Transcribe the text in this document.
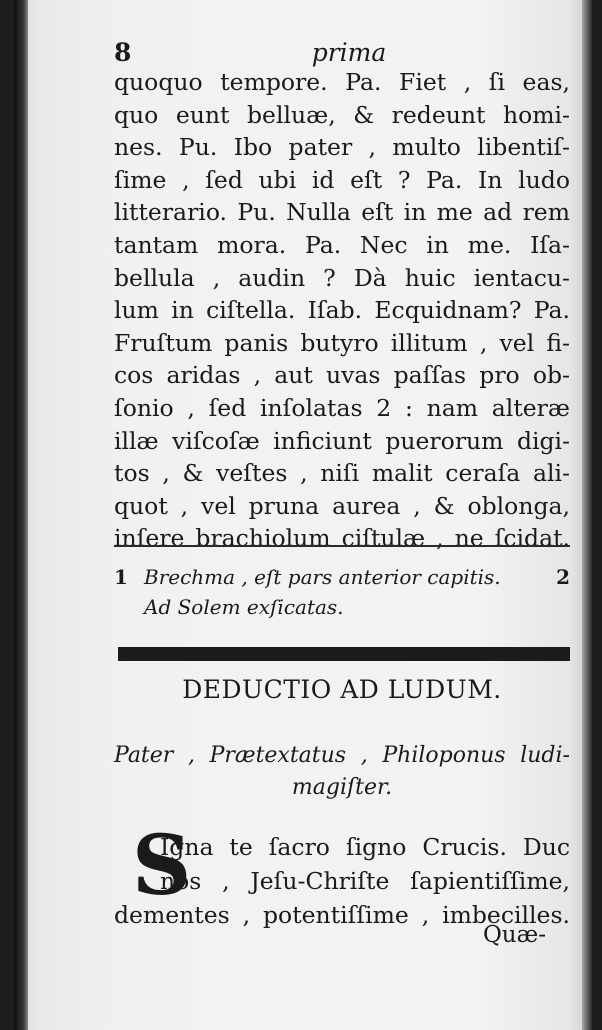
8	prima
quoquo tempore. Pa. Fiet , ſi eas,
quo eunt belluæ, & redeunt homi-
nes. Pu. Ibo pater , multo libentiſ-
ſime , ſed ubi id eſt ? Pa. In ludo
litterario. Pu. Nulla eſt in me ad rem
tantam mora. Pa. Nec in me. Iſa-
bellula , audin ? Dà huic ientacu-
lum in ciſtella. Iſab. Ecquidnam? Pa.
Fruſtum panis butyro illitum , vel fi-
cos aridas , aut uvas paſſas pro ob-
ſonio , ſed inſolatas 2 : nam alteræ
illæ viſcoſæ inficiunt puerorum digi-
tos , & veſtes , niſi malit ceraſa ali-
quot , vel pruna aurea , & oblonga,
inſere brachiolum ciſtulæ , ne ſcidat.
1 Brechma , eſt pars anterior capitis.	2
Ad Solem exſicatas.
DEDUCTIO AD LUDUM.
Pater , Prætextatus , Philoponus ludi-
magiſter.
S
Igna te ſacro ſigno Crucis. Duc
nos , Jeſu-Chriſte ſapientiſſime,
dementes , potentiſſime , imbecilles.
Quæ-
